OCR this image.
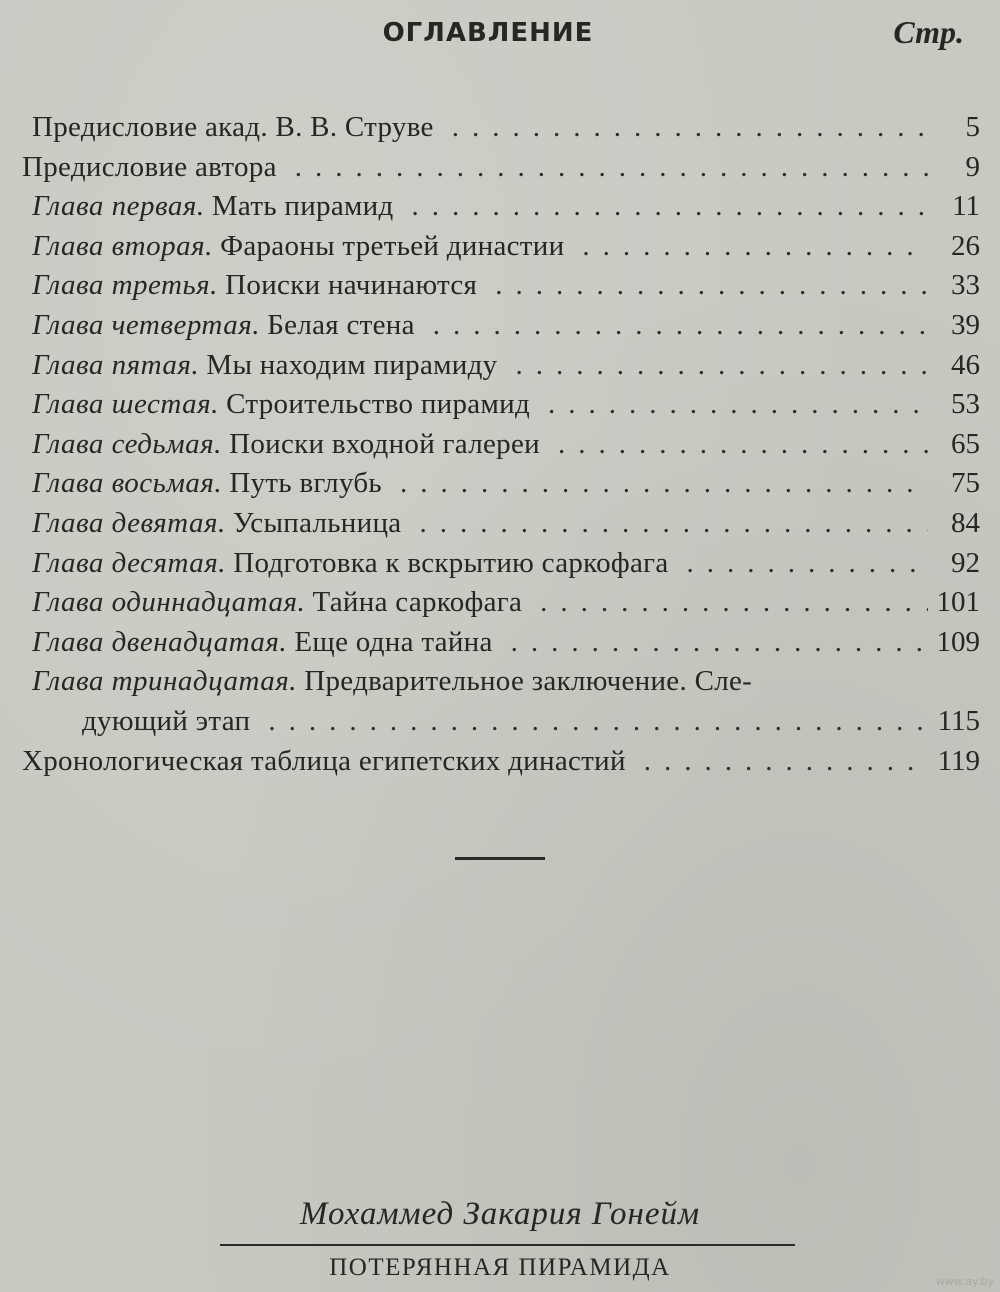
ОГЛАВЛЕНИЕ	Стр.
Предисловие акад. В. В. Струве .....	5
Предисловие автора .....	9
Глава первая. Мать пирамид .....	11
Глава вторая. Фараоны третьей династии .....	26
Глава третья. Поиски начинаются .....	33
Глава четвертая. Белая стена .....	39
Глава пятая. Мы находим пирамиду .....	46
Глава шестая. Строительство пирамид .....	53
Глава седьмая. Поиски входной галереи .....	65
Глава восьмая. Путь вглубь .....	75
Глава девятая. Усыпальница .....	84
Глава десятая. Подготовка к вскрытию саркофага .....	92
Глава одиннадцатая. Тайна саркофага .....	101
Глава двенадцатая. Еще одна тайна .....	109
Глава тринадцатая. Предварительное заключение. Сле-
дующий этап .....	115
Хронологическая таблица египетских династий .....	119
Мохаммед Закария Гонейм
ПОТЕРЯННАЯ ПИРАМИДА
www.ay.by
